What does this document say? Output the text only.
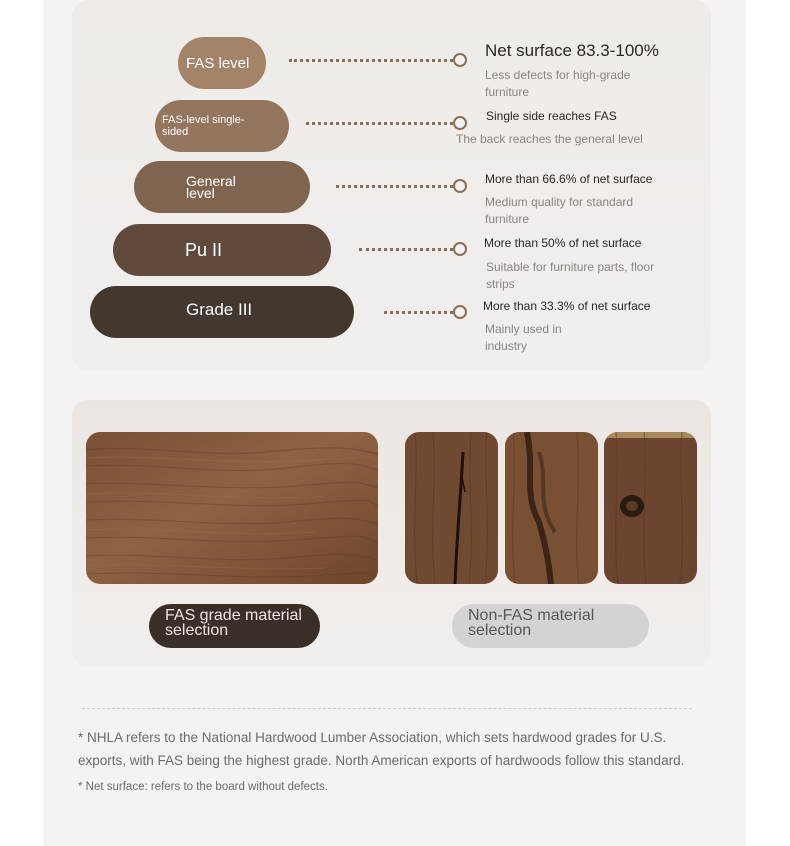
FAS level
Net surface 83.3-100%
Less defects for high-grade furniture
FAS-level single-sided
Single side reaches FAS
The back reaches the general level
General level
More than 66.6% of net surface
Medium quality for standard furniture
Pu II	More than 50% of net surface
Suitable for furniture parts, floor strips
Grade III	More than 33.3% of net surface
Mainly used in industry
FAS grade material selection
Non-FAS material selection
* NHLA refers to the National Hardwood Lumber Association, which sets hardwood grades for U.S. exports, with FAS being the highest grade. North American exports of hardwoods follow this standard.
* Net surface: refers to the board without defects.
